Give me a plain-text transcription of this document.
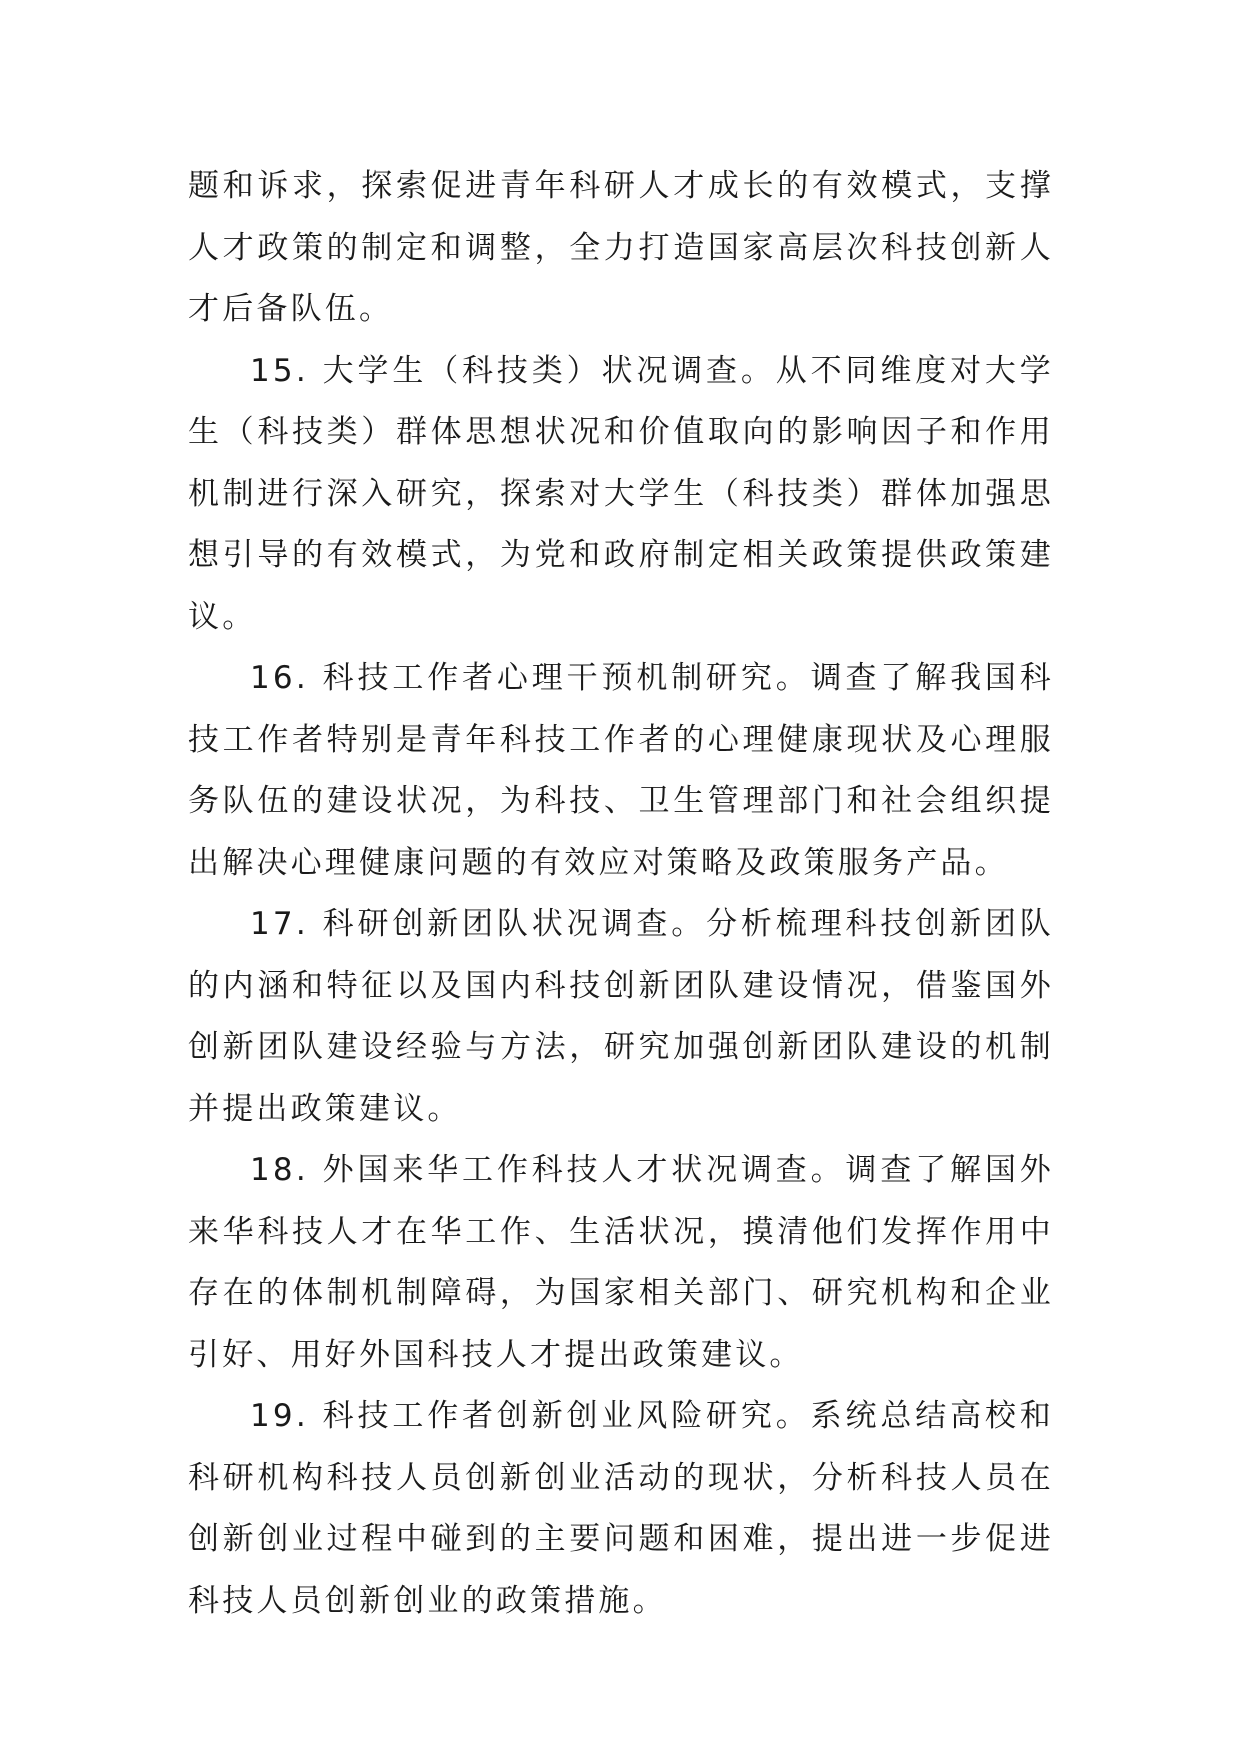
题和诉求，探索促进青年科研人才成长的有效模式，支撑人才政策的制定和调整，全力打造国家高层次科技创新人才后备队伍。

15. 大学生（科技类）状况调查。从不同维度对大学生（科技类）群体思想状况和价值取向的影响因子和作用机制进行深入研究，探索对大学生（科技类）群体加强思想引导的有效模式，为党和政府制定相关政策提供政策建议。

16. 科技工作者心理干预机制研究。调查了解我国科技工作者特别是青年科技工作者的心理健康现状及心理服务队伍的建设状况，为科技、卫生管理部门和社会组织提出解决心理健康问题的有效应对策略及政策服务产品。

17. 科研创新团队状况调查。分析梳理科技创新团队的内涵和特征以及国内科技创新团队建设情况，借鉴国外创新团队建设经验与方法，研究加强创新团队建设的机制并提出政策建议。

18. 外国来华工作科技人才状况调查。调查了解国外来华科技人才在华工作、生活状况，摸清他们发挥作用中存在的体制机制障碍，为国家相关部门、研究机构和企业引好、用好外国科技人才提出政策建议。

19. 科技工作者创新创业风险研究。系统总结高校和科研机构科技人员创新创业活动的现状，分析科技人员在创新创业过程中碰到的主要问题和困难，提出进一步促进科技人员创新创业的政策措施。
